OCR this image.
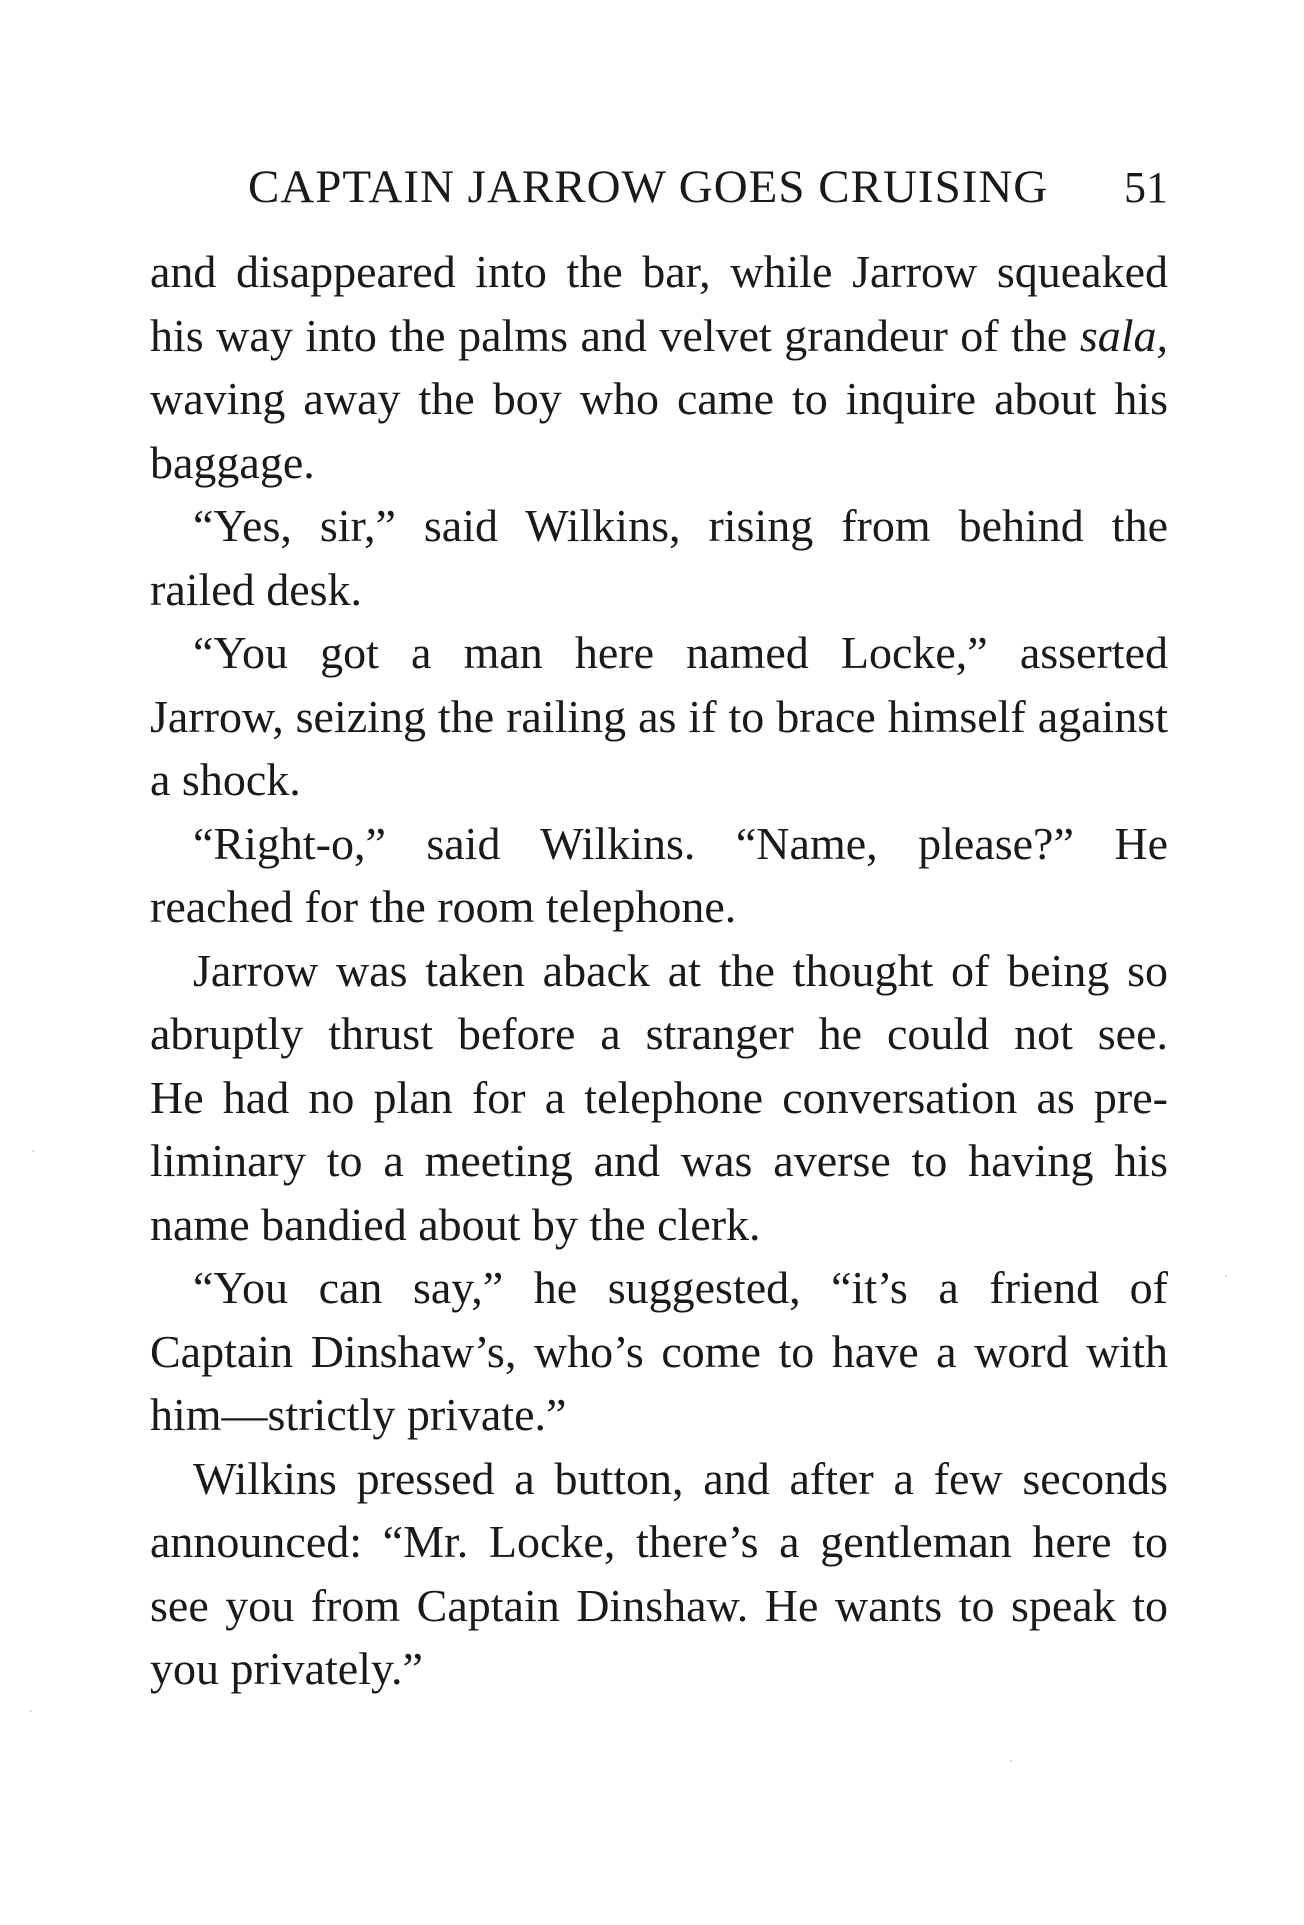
CAPTAIN JARROW GOES CRUISING 51

and disappeared into the bar, while Jarrow squeaked
his way into the palms and velvet grandeur of the sala,
waving away the boy who came to inquire about his
baggage.

“Yes, sir,” said Wilkins, rising from behind the
railed desk.

“You got a man here named Locke,” asserted
Jarrow, seizing the railing as if to brace himself against
a shock.

“Right-o,” said Wilkins. “Name, please?” He
reached for the room telephone.

Jarrow was taken aback at the thought of being so
abruptly thrust before a stranger he could not see.
He had no plan for a telephone conversation as pre-
liminary to a meeting and was averse to having his
name bandied about by the clerk.

“You can say,” he suggested, “it’s a friend of
Captain Dinshaw’s, who’s come to have a word with
him—strictly private.”

Wilkins pressed a button, and after a few seconds
announced: “Mr. Locke, there’s a gentleman here to
see you from Captain Dinshaw. He wants to speak to
you privately.”
